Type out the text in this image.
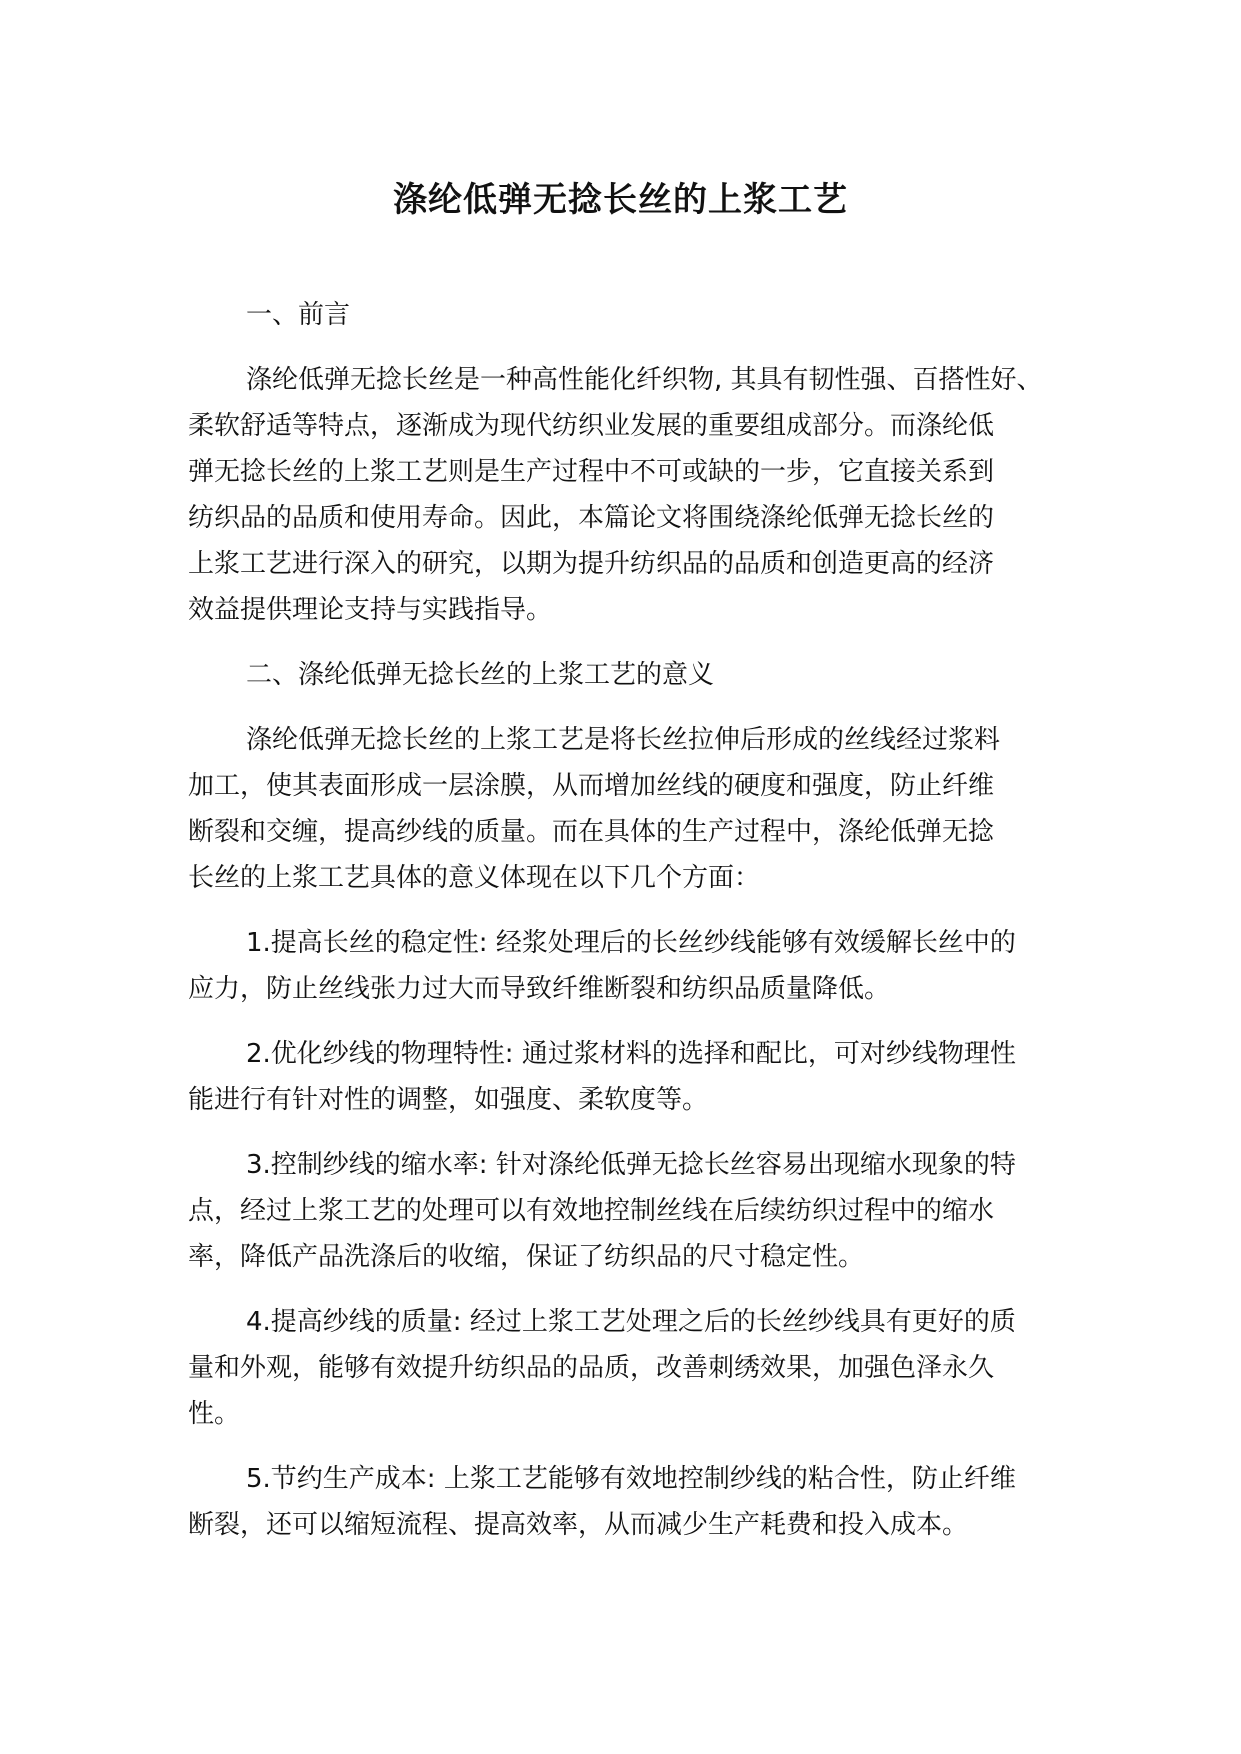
涤纶低弹无捻长丝的上浆工艺
一、前言
涤纶低弹无捻长丝是一种高性能化纤织物, 其具有韧性强、百搭性好、
柔软舒适等特点，逐渐成为现代纺织业发展的重要组成部分。而涤纶低
弹无捻长丝的上浆工艺则是生产过程中不可或缺的一步，它直接关系到
纺织品的品质和使用寿命。因此，本篇论文将围绕涤纶低弹无捻长丝的
上浆工艺进行深入的研究，以期为提升纺织品的品质和创造更高的经济
效益提供理论支持与实践指导。
二、涤纶低弹无捻长丝的上浆工艺的意义
涤纶低弹无捻长丝的上浆工艺是将长丝拉伸后形成的丝线经过浆料
加工，使其表面形成一层涂膜，从而增加丝线的硬度和强度，防止纤维
断裂和交缠，提高纱线的质量。而在具体的生产过程中，涤纶低弹无捻
长丝的上浆工艺具体的意义体现在以下几个方面：
1.提高长丝的稳定性: 经浆处理后的长丝纱线能够有效缓解长丝中的
应力，防止丝线张力过大而导致纤维断裂和纺织品质量降低。
2.优化纱线的物理特性: 通过浆材料的选择和配比，可对纱线物理性
能进行有针对性的调整，如强度、柔软度等。
3.控制纱线的缩水率: 针对涤纶低弹无捻长丝容易出现缩水现象的特
点，经过上浆工艺的处理可以有效地控制丝线在后续纺织过程中的缩水
率，降低产品洗涤后的收缩，保证了纺织品的尺寸稳定性。
4.提高纱线的质量: 经过上浆工艺处理之后的长丝纱线具有更好的质
量和外观，能够有效提升纺织品的品质，改善刺绣效果，加强色泽永久
性。
5.节约生产成本: 上浆工艺能够有效地控制纱线的粘合性，防止纤维
断裂，还可以缩短流程、提高效率，从而减少生产耗费和投入成本。
